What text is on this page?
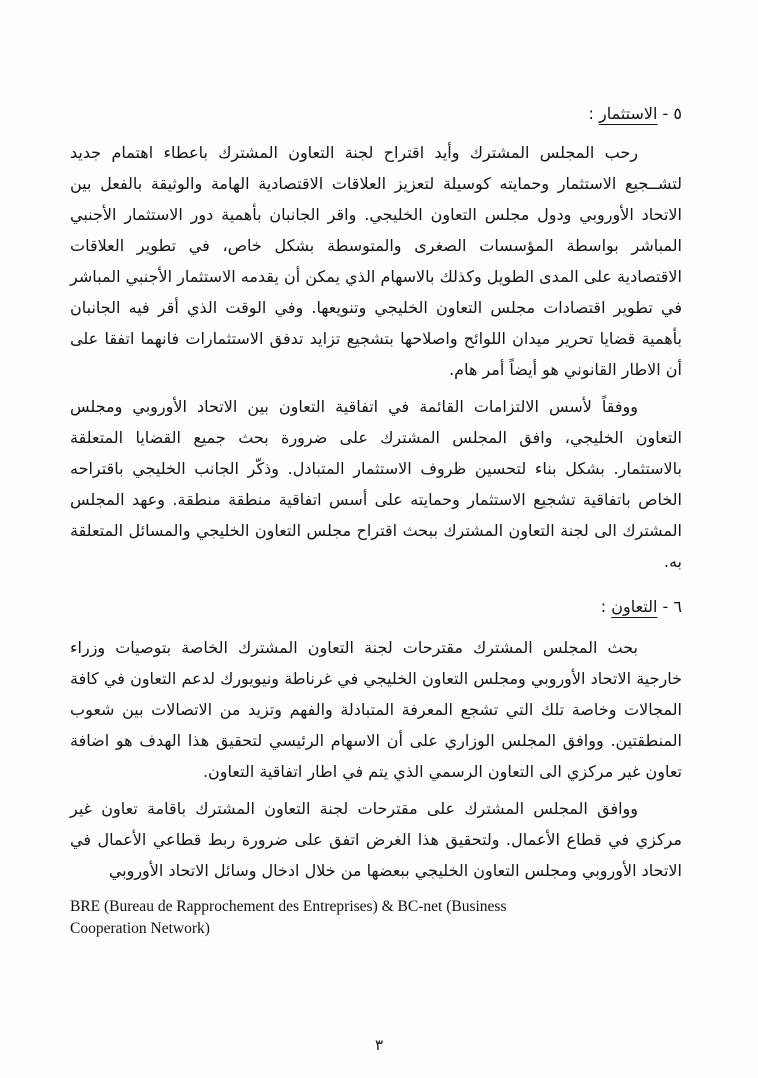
٥ - الاستثمار :

رحب المجلس المشترك وأيد اقتراح لجنة التعاون المشترك باعطاء اهتمام جديد لتشــجيع الاستثمار وحمايته كوسيلة لتعزيز العلاقات الاقتصادية الهامة والوثيقة بالفعل بين الاتحاد الأوروبي ودول مجلس التعاون الخليجي. واقر الجانبان بأهمية دور الاستثمار الأجنبي المباشر بواسطة المؤسسات الصغرى والمتوسطة بشكل خاص، في تطوير العلاقات الاقتصادية على المدى الطويل وكذلك بالاسهام الذي يمكن أن يقدمه الاستثمار الأجنبي المباشر في تطوير اقتصادات مجلس التعاون الخليجي وتنويعها. وفي الوقت الذي أقر فيه الجانبان بأهمية قضايا تحرير ميدان اللوائح واصلاحها بتشجيع تزايد تدفق الاستثمارات فانهما اتفقا على أن الاطار القانوني هو أيضاً أمر هام.

ووفقاً لأسس الالتزامات القائمة في اتفاقية التعاون بين الاتحاد الأوروبي ومجلس التعاون الخليجي، وافق المجلس المشترك على ضرورة بحث جميع القضايا المتعلقة بالاستثمار. بشكل بناء لتحسين ظروف الاستثمار المتبادل. وذكّر الجانب الخليجي باقتراحه الخاص باتفاقية تشجيع الاستثمار وحمايته على أسس اتفاقية منطقة منطقة. وعهد المجلس المشترك الى لجنة التعاون المشترك ببحث اقتراح مجلس التعاون الخليجي والمسائل المتعلقة به.

٦ - التعاون :

بحث المجلس المشترك مقترحات لجنة التعاون المشترك الخاصة بتوصيات وزراء خارجية الاتحاد الأوروبي ومجلس التعاون الخليجي في غرناطة ونيويورك لدعم التعاون في كافة المجالات وخاصة تلك التي تشجع المعرفة المتبادلة والفهم وتزيد من الاتصالات بين شعوب المنطقتين. ووافق المجلس الوزاري على أن الاسهام الرئيسي لتحقيق هذا الهدف هو اضافة تعاون غير مركزي الى التعاون الرسمي الذي يتم في اطار اتفاقية التعاون.

ووافق المجلس المشترك على مقترحات لجنة التعاون المشترك باقامة تعاون غير مركزي في قطاع الأعمال. ولتحقيق هذا الغرض اتفق على ضرورة ربط قطاعي الأعمال في الاتحاد الأوروبي ومجلس التعاون الخليجي ببعضها من خلال ادخال وسائل الاتحاد الأوروبي

BRE (Bureau de Rapprochement des Entreprises) & BC-net (Business
Cooperation Network)
٣
